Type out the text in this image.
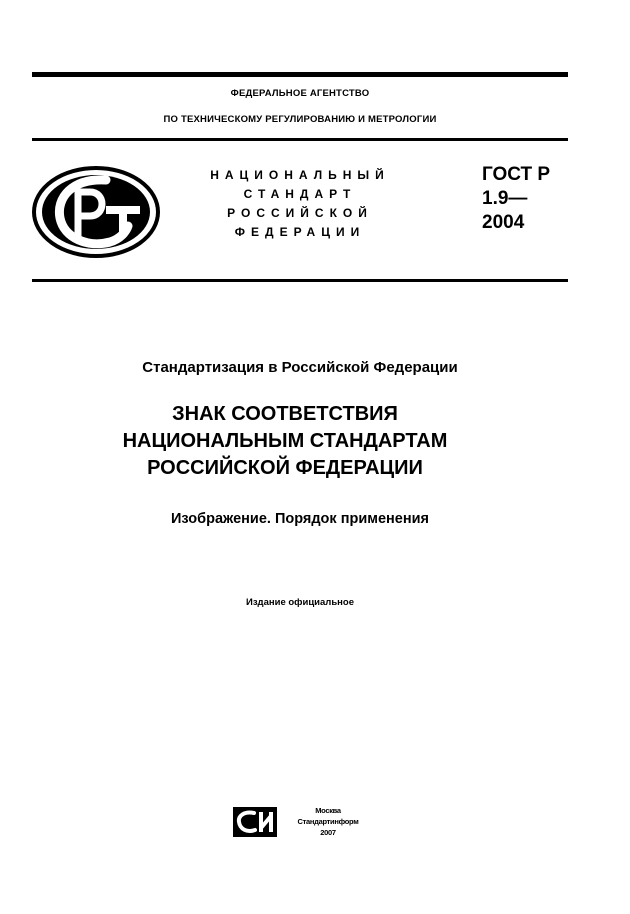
ФЕДЕРАЛЬНОЕ АГЕНТСТВО
ПО ТЕХНИЧЕСКОМУ РЕГУЛИРОВАНИЮ И МЕТРОЛОГИИ
НАЦИОНАЛЬНЫЙ
СТАНДАРТ
РОССИЙСКОЙ
ФЕДЕРАЦИИ
ГОСТ Р
1.9—
2004
Стандартизация в Российской Федерации
ЗНАК СООТВЕТСТВИЯ
НАЦИОНАЛЬНЫМ СТАНДАРТАМ
РОССИЙСКОЙ ФЕДЕРАЦИИ
Изображение. Порядок применения
Издание официальное
Москва
Стандартинформ
2007
